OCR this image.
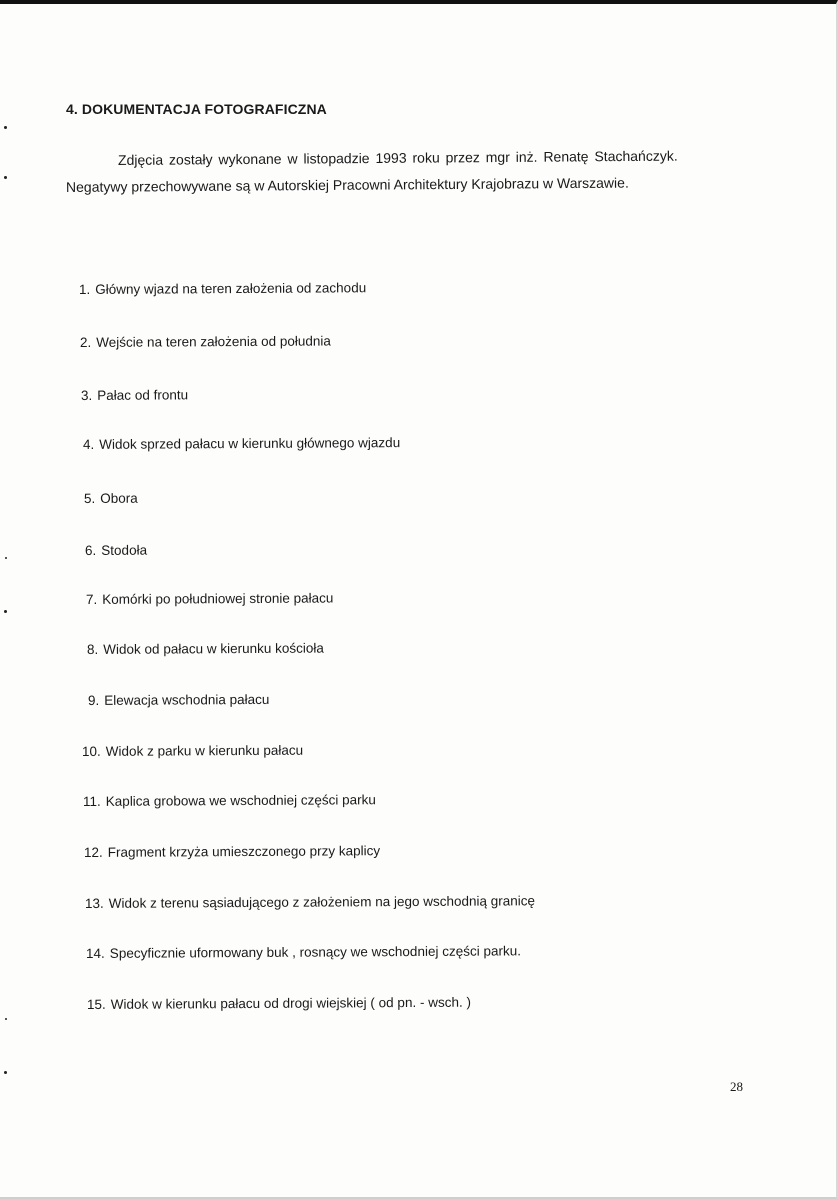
4. DOKUMENTACJA FOTOGRAFICZNA
Zdjęcia zostały wykonane w listopadzie 1993 roku przez mgr inż. Renatę Stachańczyk.
Negatywy przechowywane są w Autorskiej Pracowni Architektury Krajobrazu w Warszawie.
1. Główny wjazd na teren założenia od zachodu
2. Wejście na teren założenia od południa
3. Pałac od frontu
4. Widok sprzed pałacu w kierunku głównego wjazdu
5. Obora
6. Stodoła
7. Komórki po południowej stronie pałacu
8. Widok od pałacu w kierunku kościoła
9. Elewacja wschodnia pałacu
10. Widok z parku w kierunku pałacu
11. Kaplica grobowa we wschodniej części parku
12. Fragment krzyża umieszczonego przy kaplicy
13. Widok z terenu sąsiadującego z założeniem na jego wschodnią granicę
14. Specyficznie uformowany buk , rosnący we wschodniej części parku.
15. Widok w kierunku pałacu od drogi wiejskiej ( od pn. - wsch. )
28
